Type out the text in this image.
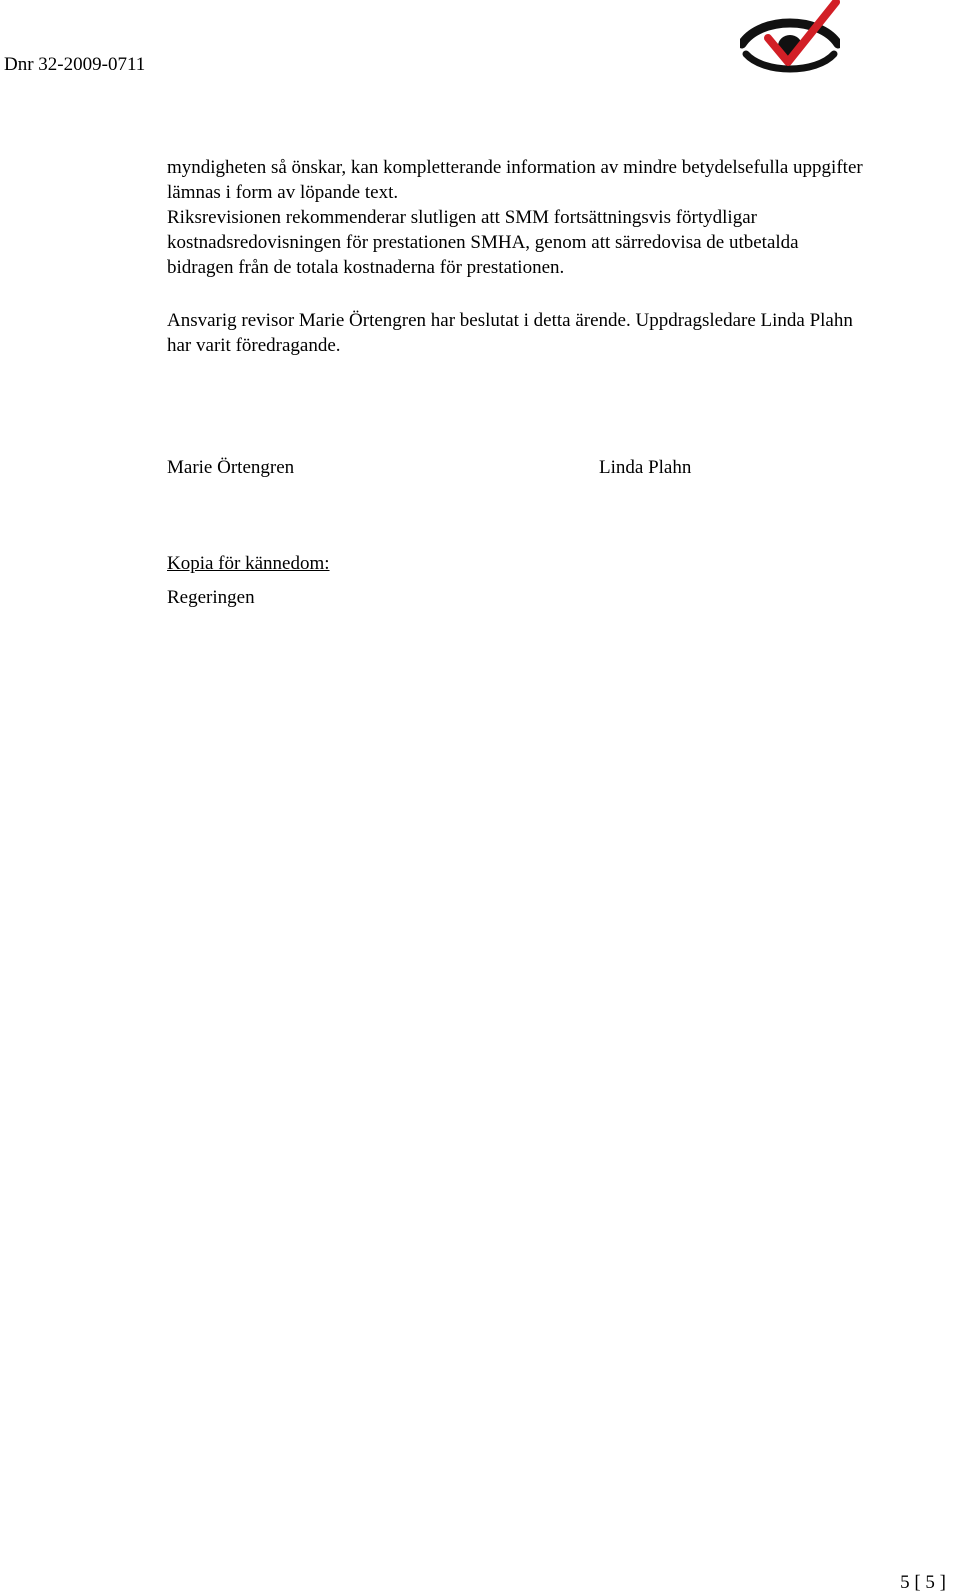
Dnr 32-2009-0711

myndigheten så önskar, kan kompletterande information av mindre betydelsefulla uppgifter lämnas i form av löpande text.

Riksrevisionen rekommenderar slutligen att SMM fortsättningsvis förtydligar kostnadsredovisningen för prestationen SMHA, genom att särredovisa de utbetalda bidragen från de totala kostnaderna för prestationen.

Ansvarig revisor Marie Örtengren har beslutat i detta ärende. Uppdragsledare Linda Plahn har varit föredragande.

Marie Örtengren	Linda Plahn
Kopia för kännedom:
Regeringen
5 [ 5 ]
